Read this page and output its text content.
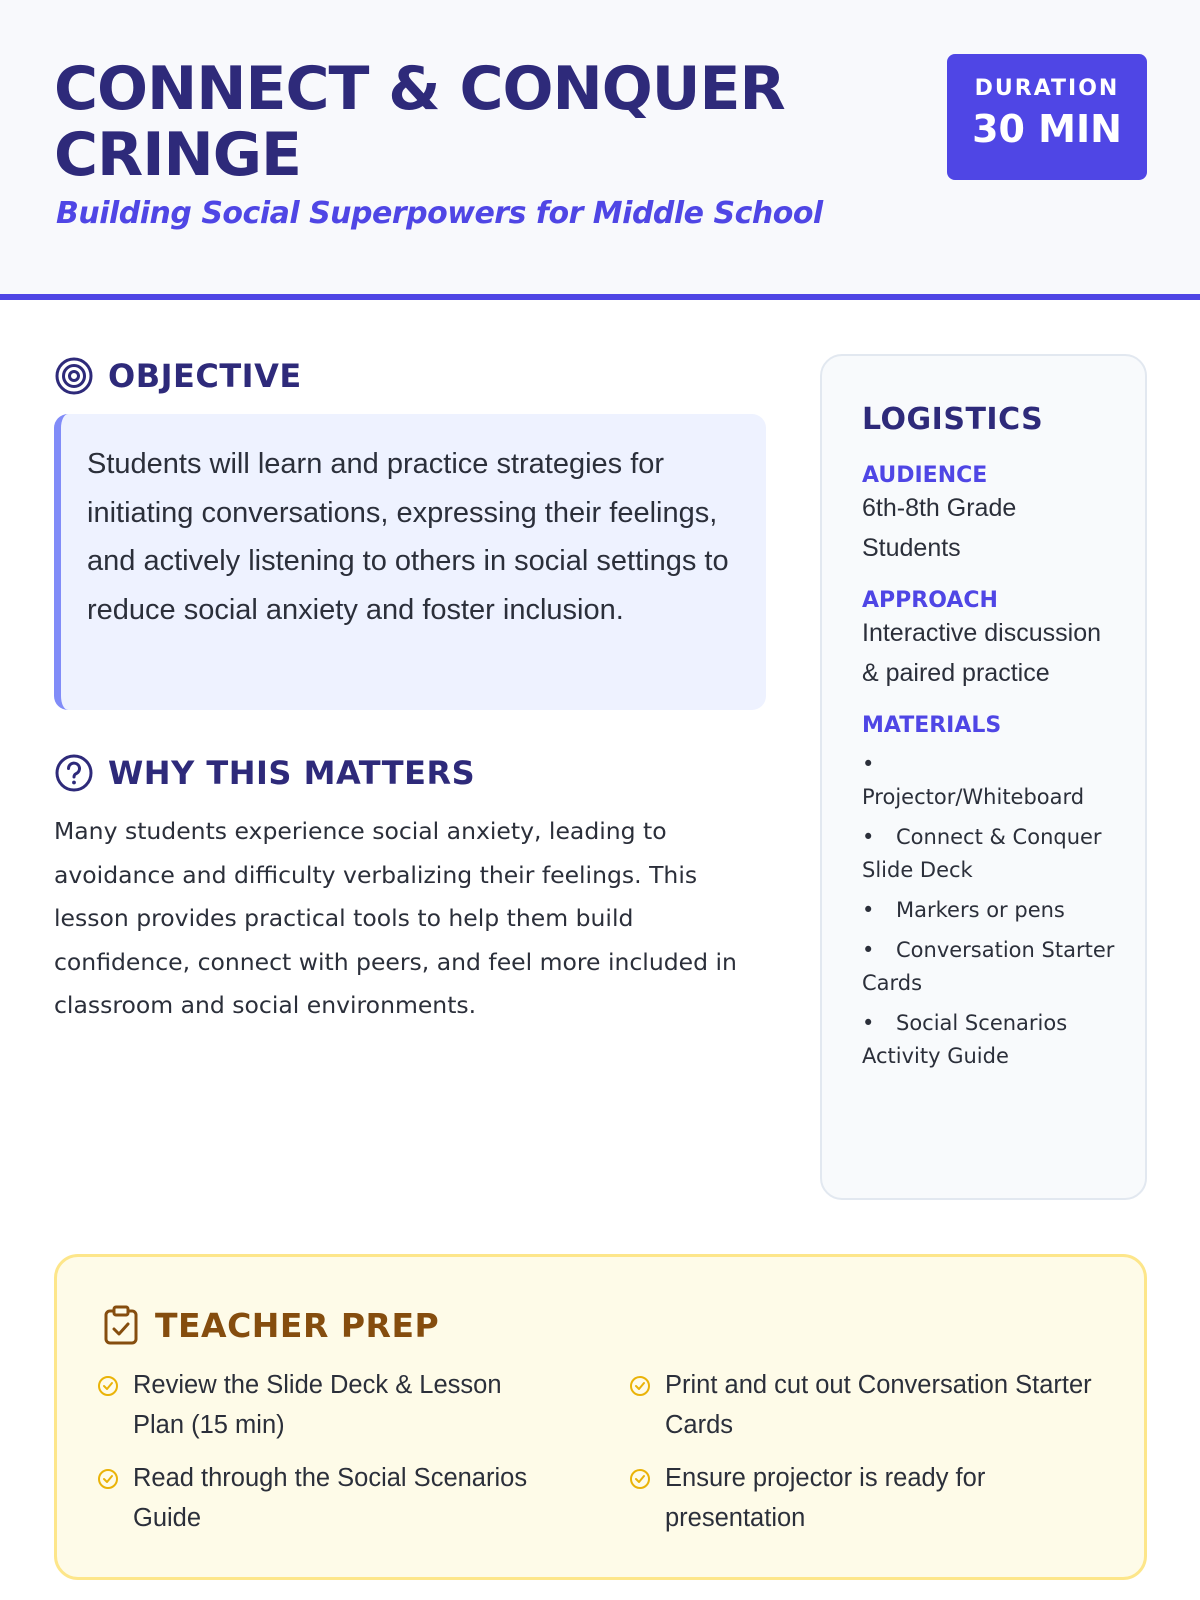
CONNECT & CONQUER CRINGE
Building Social Superpowers for Middle School
DURATION
30 MIN
OBJECTIVE

Students will learn and practice strategies for initiating conversations, expressing their feelings, and actively listening to others in social settings to reduce social anxiety and foster inclusion.

WHY THIS MATTERS

Many students experience social anxiety, leading to avoidance and difficulty verbalizing their feelings. This lesson provides practical tools to help them build confidence, connect with peers, and feel more included in classroom and social environments.

LOGISTICS
AUDIENCE
6th-8th Grade Students
APPROACH
Interactive discussion & paired practice
MATERIALS
•
Projector/Whiteboard
• Connect & Conquer Slide Deck
• Markers or pens
• Conversation Starter Cards
• Social Scenarios Activity Guide
TEACHER PREP
Review the Slide Deck & Lesson Plan (15 min)
Print and cut out Conversation Starter Cards
Read through the Social Scenarios Guide
Ensure projector is ready for presentation
